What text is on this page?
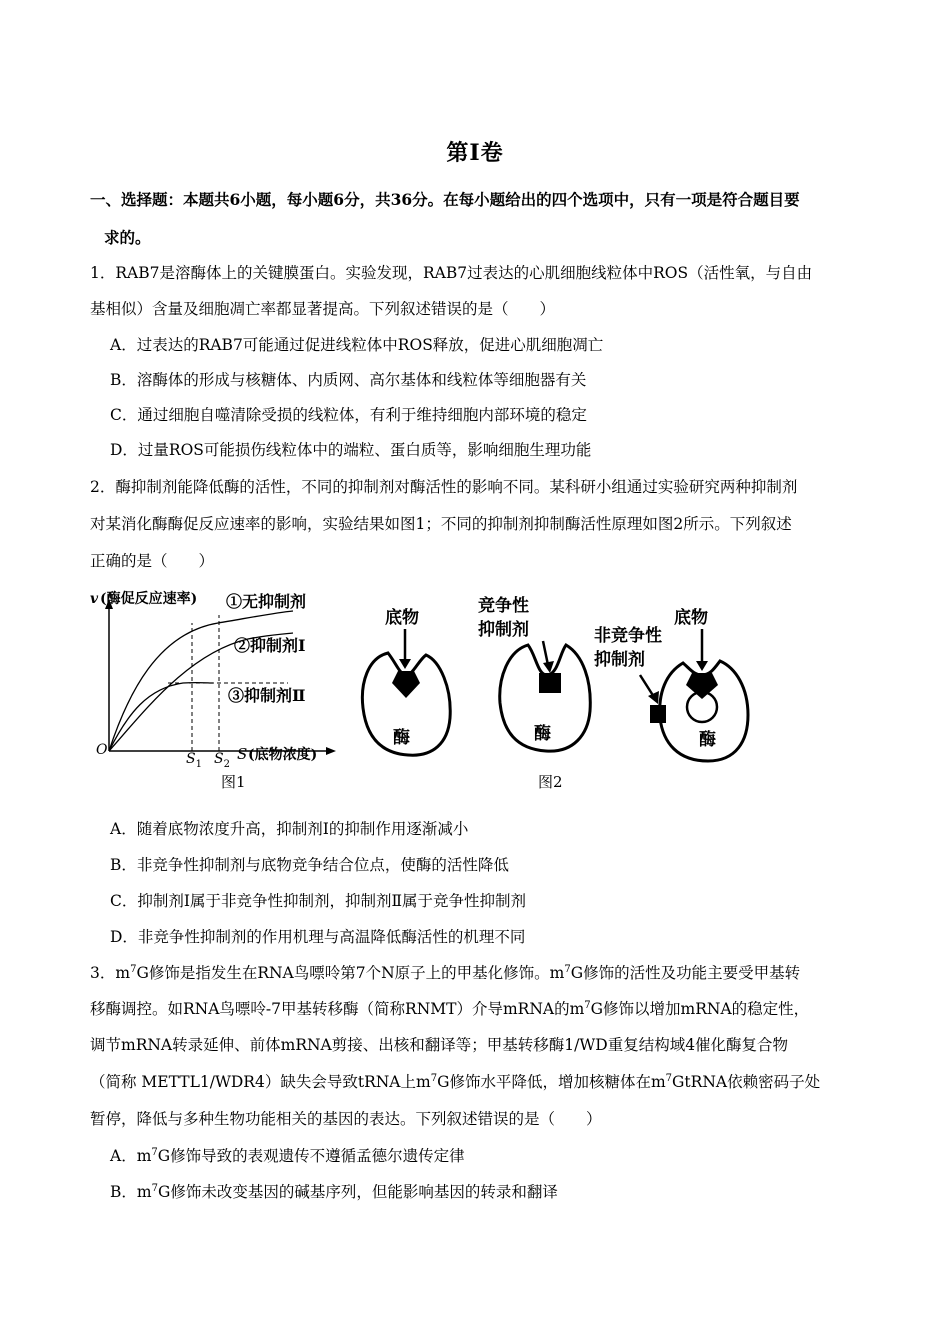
第Ⅰ卷
一、选择题：本题共6小题，每小题6分，共36分。在每小题给出的四个选项中，只有一项是符合题目要
求的。
1．RAB7是溶酶体上的关键膜蛋白。实验发现，RAB7过表达的心肌细胞线粒体中ROS（活性氧，与自由
基相似）含量及细胞凋亡率都显著提高。下列叙述错误的是（　　）
A．过表达的RAB7可能通过促进线粒体中ROS释放，促进心肌细胞凋亡
B．溶酶体的形成与核糖体、内质网、高尔基体和线粒体等细胞器有关
C．通过细胞自噬清除受损的线粒体，有利于维持细胞内部环境的稳定
D．过量ROS可能损伤线粒体中的端粒、蛋白质等，影响细胞生理功能
2．酶抑制剂能降低酶的活性，不同的抑制剂对酶活性的影响不同。某科研小组通过实验研究两种抑制剂
对某消化酶酶促反应速率的影响，实验结果如图1；不同的抑制剂抑制酶活性原理如图2所示。下列叙述
正确的是（　　）
v (酶促反应速率) ①无抑制剂
②抑制剂Ⅰ
③抑制剂Ⅱ
O
$S_1$ $S_2$
S (底物浓度)
图1
底物
酶
竞争性
抑制剂
酶
非竞争性
抑制剂
底物
酶
图2
A．随着底物浓度升高，抑制剂Ⅰ的抑制作用逐渐减小
B．非竞争性抑制剂与底物竞争结合位点，使酶的活性降低
C．抑制剂Ⅰ属于非竞争性抑制剂，抑制剂Ⅱ属于竞争性抑制剂
D．非竞争性抑制剂的作用机理与高温降低酶活性的机理不同
3．$m^7G$修饰是指发生在RNA鸟嘌呤第7个N原子上的甲基化修饰。$m^7G$修饰的活性及功能主要受甲基转
移酶调控。如RNA鸟嘌呤-7甲基转移酶（简称RNMT）介导mRNA的$m^7G$修饰以增加mRNA的稳定性，
调节mRNA转录延伸、前体mRNA剪接、出核和翻译等；甲基转移酶1/WD重复结构域4催化酶复合物
（简称 METTL1/WDR4）缺失会导致tRNA上$m^7G$修饰水平降低，增加核糖体在$m^7GtRNA$依赖密码子处
暂停，降低与多种生物功能相关的基因的表达。下列叙述错误的是（　　）
A．$m^7G$修饰导致的表观遗传不遵循孟德尔遗传定律
B．$m^7G$修饰未改变基因的碱基序列，但能影响基因的转录和翻译
